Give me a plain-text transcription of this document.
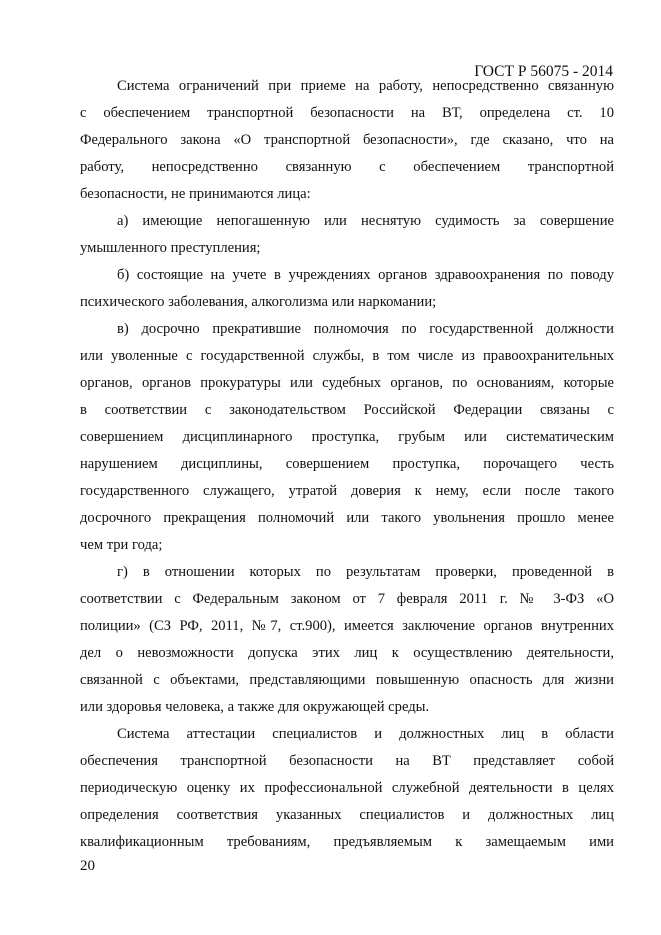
ГОСТ Р 56075 - 2014
Система ограничений при приеме на работу, непосредственно связанную
с обеспечением транспортной безопасности на ВТ, определена ст. 10
Федерального закона «О транспортной безопасности», где сказано, что на
работу, непосредственно связанную с обеспечением транспортной
безопасности, не принимаются лица:
а) имеющие непогашенную или неснятую судимость за совершение
умышленного преступления;
б) состоящие на учете в учреждениях органов здравоохранения по поводу
психического заболевания, алкоголизма или наркомании;
в) досрочно прекратившие полномочия по государственной должности
или уволенные с государственной службы, в том числе из правоохранительных
органов, органов прокуратуры или судебных органов, по основаниям, которые
в соответствии с законодательством Российской Федерации связаны с
совершением дисциплинарного проступка, грубым или систематическим
нарушением дисциплины, совершением проступка, порочащего честь
государственного служащего, утратой доверия к нему, если после такого
досрочного прекращения полномочий или такого увольнения прошло менее
чем три года;
г) в отношении которых по результатам проверки, проведенной в
соответствии с Федеральным законом от 7 февраля 2011 г. № 3-ФЗ «О
полиции» (СЗ РФ, 2011, №7, ст.900), имеется заключение органов внутренних
дел о невозможности допуска этих лиц к осуществлению деятельности,
связанной с объектами, представляющими повышенную опасность для жизни
или здоровья человека, а также для окружающей среды.
Система аттестации специалистов и должностных лиц в области
обеспечения транспортной безопасности на ВТ представляет собой
периодическую оценку их профессиональной служебной деятельности в целях
определения соответствия указанных специалистов и должностных лиц
квалификационным требованиям, предъявляемым к замещаемым ими
20
